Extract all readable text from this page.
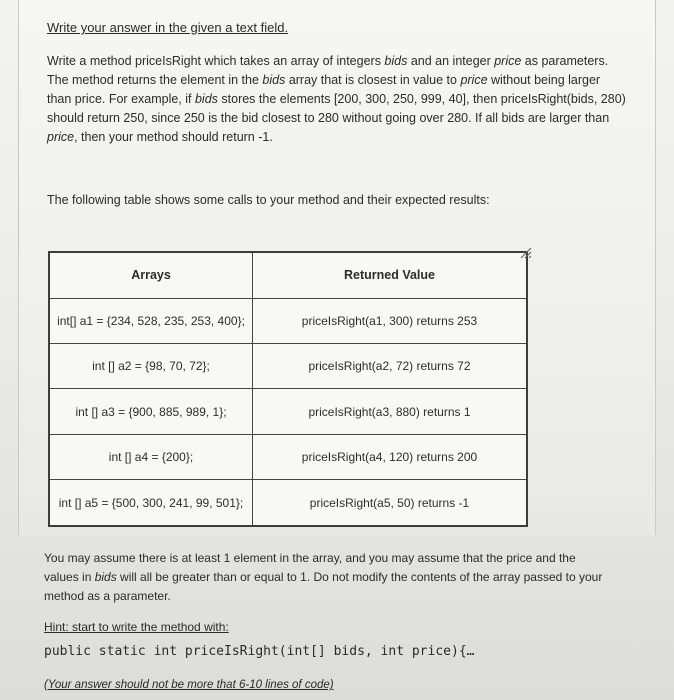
Write your answer in the given a text field.
Write a method priceIsRight which takes an array of integers bids and an integer price as parameters. The method returns the element in the bids array that is closest in value to price without being larger than price. For example, if bids stores the elements [200, 300, 250, 999, 40], then priceIsRight(bids, 280) should return 250, since 250 is the bid closest to 280 without going over 280. If all bids are larger than price, then your method should return -1.
The following table shows some calls to your method and their expected results:
Arrays	Returned Value
int[] a1 = {234, 528, 235, 253, 400};	priceIsRight(a1, 300) returns 253
int [] a2 = {98, 70, 72};	priceIsRight(a2, 72) returns 72
int [] a3 = {900, 885, 989, 1};	priceIsRight(a3, 880) returns 1
int [] a4 = {200};	priceIsRight(a4, 120) returns 200
int [] a5 = {500, 300, 241, 99, 501};	priceIsRight(a5, 50) returns -1
You may assume there is at least 1 element in the array, and you may assume that the price and the values in bids will all be greater than or equal to 1. Do not modify the contents of the array passed to your method as a parameter.
Hint: start to write the method with:
public static int priceIsRight(int[] bids, int price){…
(Your answer should not be more that 6-10 lines of code)
